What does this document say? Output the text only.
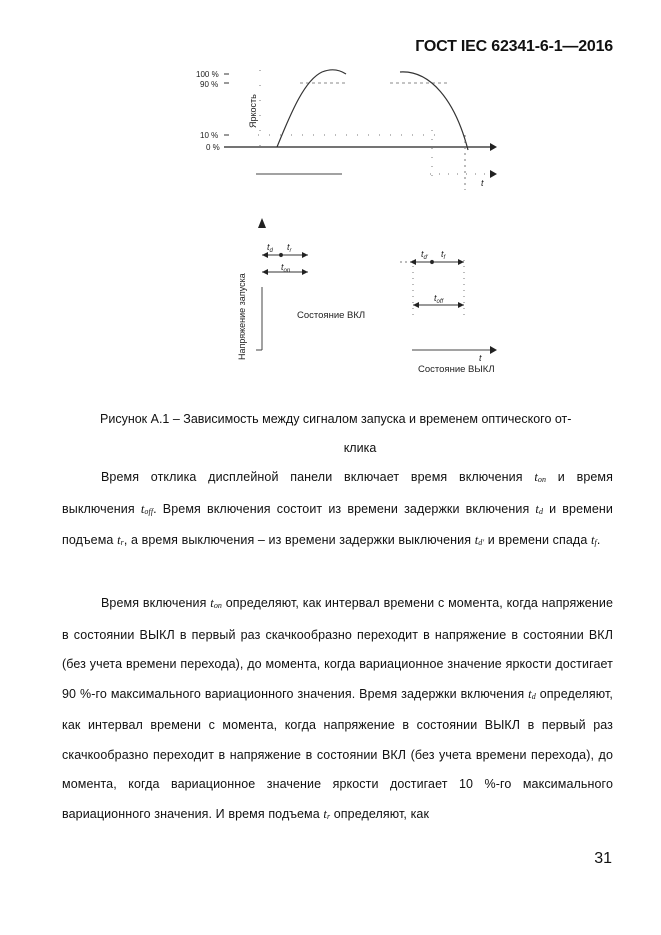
ГОСТ IEC 62341-6-1—2016
100 %
90 %
10 %
0 %
Яркость
t
Напряжение запуска	Состояние ВКЛ
Состояние ВЫКЛ
t
$t_d$ $t_r$
$t_{on}$
$t_{d'}$ $t_f$
$t_{off}$
Рисунок А.1 – Зависимость между сигналом запуска и временем оптического от-
клика
Время отклика дисплейной панели включает время включения $t_{on}$ и время выключения $t_{off}$. Время включения состоит из времени задержки включения $t_d$ и времени подъема $t_r$, а время выключения – из времени задержки выключения $t_{d'}$ и времени спада $t_f$.
Время включения $t_{on}$ определяют, как интервал времени с момента, когда напряжение в состоянии ВЫКЛ в первый раз скачкообразно переходит в напряжение в состоянии ВКЛ (без учета времени перехода), до момента, когда вариационное значение яркости достигает 90 %-го максимального вариационного значения. Время задержки включения $t_d$ определяют, как интервал времени с момента, когда напряжение в состоянии ВЫКЛ в первый раз скачкообразно переходит в напряжение в состоянии ВКЛ (без учета времени перехода), до момента, когда вариационное значение яркости достигает 10 %-го максимального вариационного значения. И время подъема $t_r$ определяют, как
31
